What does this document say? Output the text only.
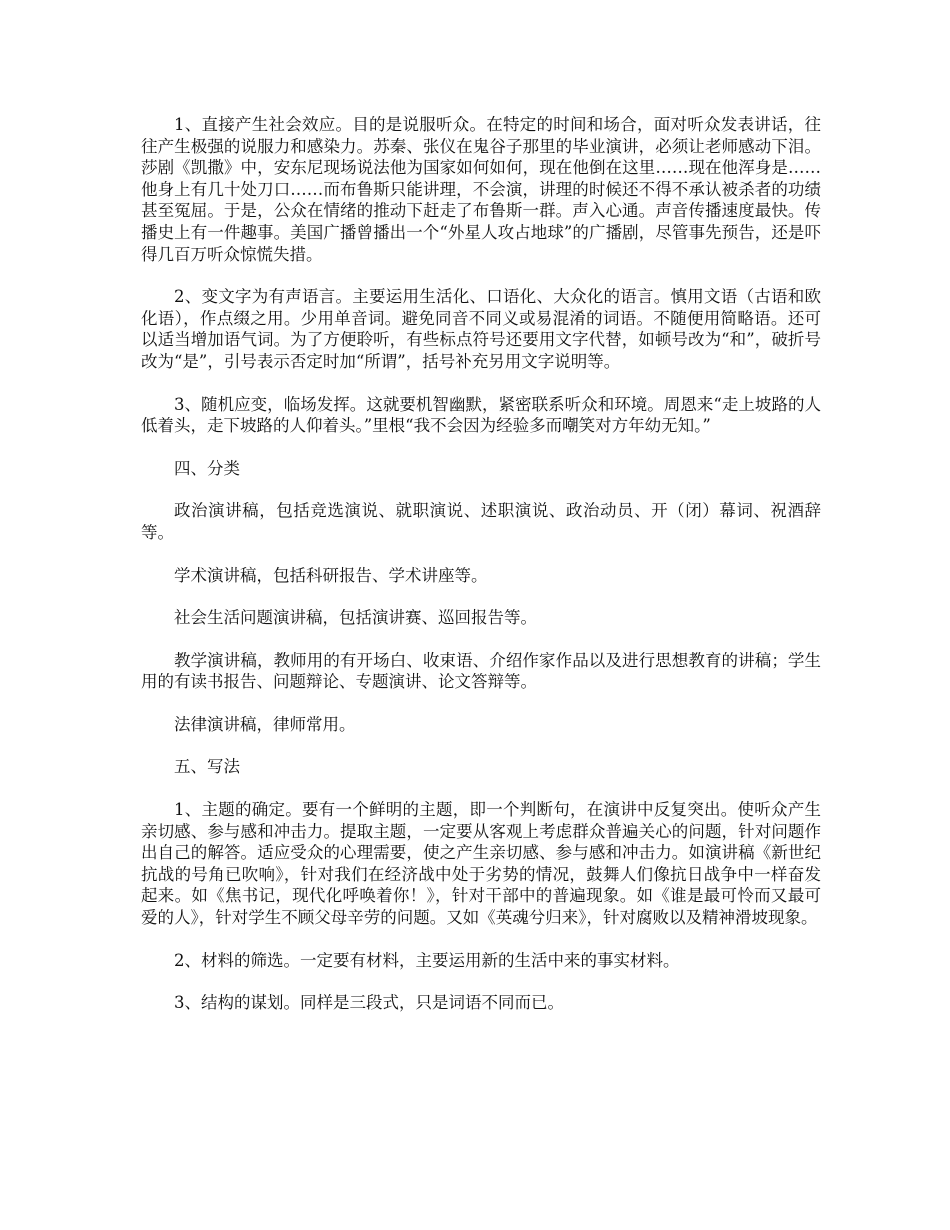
1、直接产生社会效应。目的是说服听众。在特定的时间和场合，面对听众发表讲话，往往产生极强的说服力和感染力。苏秦、张仪在鬼谷子那里的毕业演讲，必须让老师感动下泪。莎剧《凯撒》中，安东尼现场说法他为国家如何如何，现在他倒在这里……现在他浑身是……他身上有几十处刀口……而布鲁斯只能讲理，不会演，讲理的时候还不得不承认被杀者的功绩甚至冤屈。于是，公众在情绪的推动下赶走了布鲁斯一群。声入心通。声音传播速度最快。传播史上有一件趣事。美国广播曾播出一个“外星人攻占地球”的广播剧，尽管事先预告，还是吓得几百万听众惊慌失措。

2、变文字为有声语言。主要运用生活化、口语化、大众化的语言。慎用文语（古语和欧化语），作点缀之用。少用单音词。避免同音不同义或易混淆的词语。不随便用简略语。还可以适当增加语气词。为了方便聆听，有些标点符号还要用文字代替，如顿号改为“和”，破折号改为“是”，引号表示否定时加“所谓”，括号补充另用文字说明等。

3、随机应变，临场发挥。这就要机智幽默，紧密联系听众和环境。周恩来“走上坡路的人低着头，走下坡路的人仰着头。”里根“我不会因为经验多而嘲笑对方年幼无知。”

四、分类

政治演讲稿，包括竞选演说、就职演说、述职演说、政治动员、开（闭）幕词、祝酒辞等。

学术演讲稿，包括科研报告、学术讲座等。

社会生活问题演讲稿，包括演讲赛、巡回报告等。

教学演讲稿，教师用的有开场白、收束语、介绍作家作品以及进行思想教育的讲稿；学生用的有读书报告、问题辩论、专题演讲、论文答辩等。

法律演讲稿，律师常用。

五、写法

1、主题的确定。要有一个鲜明的主题，即一个判断句，在演讲中反复突出。使听众产生亲切感、参与感和冲击力。提取主题，一定要从客观上考虑群众普遍关心的问题，针对问题作出自己的解答。适应受众的心理需要，使之产生亲切感、参与感和冲击力。如演讲稿《新世纪抗战的号角已吹响》，针对我们在经济战中处于劣势的情况，鼓舞人们像抗日战争中一样奋发起来。如《焦书记，现代化呼唤着你！》，针对干部中的普遍现象。如《谁是最可怜而又最可爱的人》，针对学生不顾父母辛劳的问题。又如《英魂兮归来》，针对腐败以及精神滑坡现象。

2、材料的筛选。一定要有材料，主要运用新的生活中来的事实材料。

3、结构的谋划。同样是三段式，只是词语不同而已。
